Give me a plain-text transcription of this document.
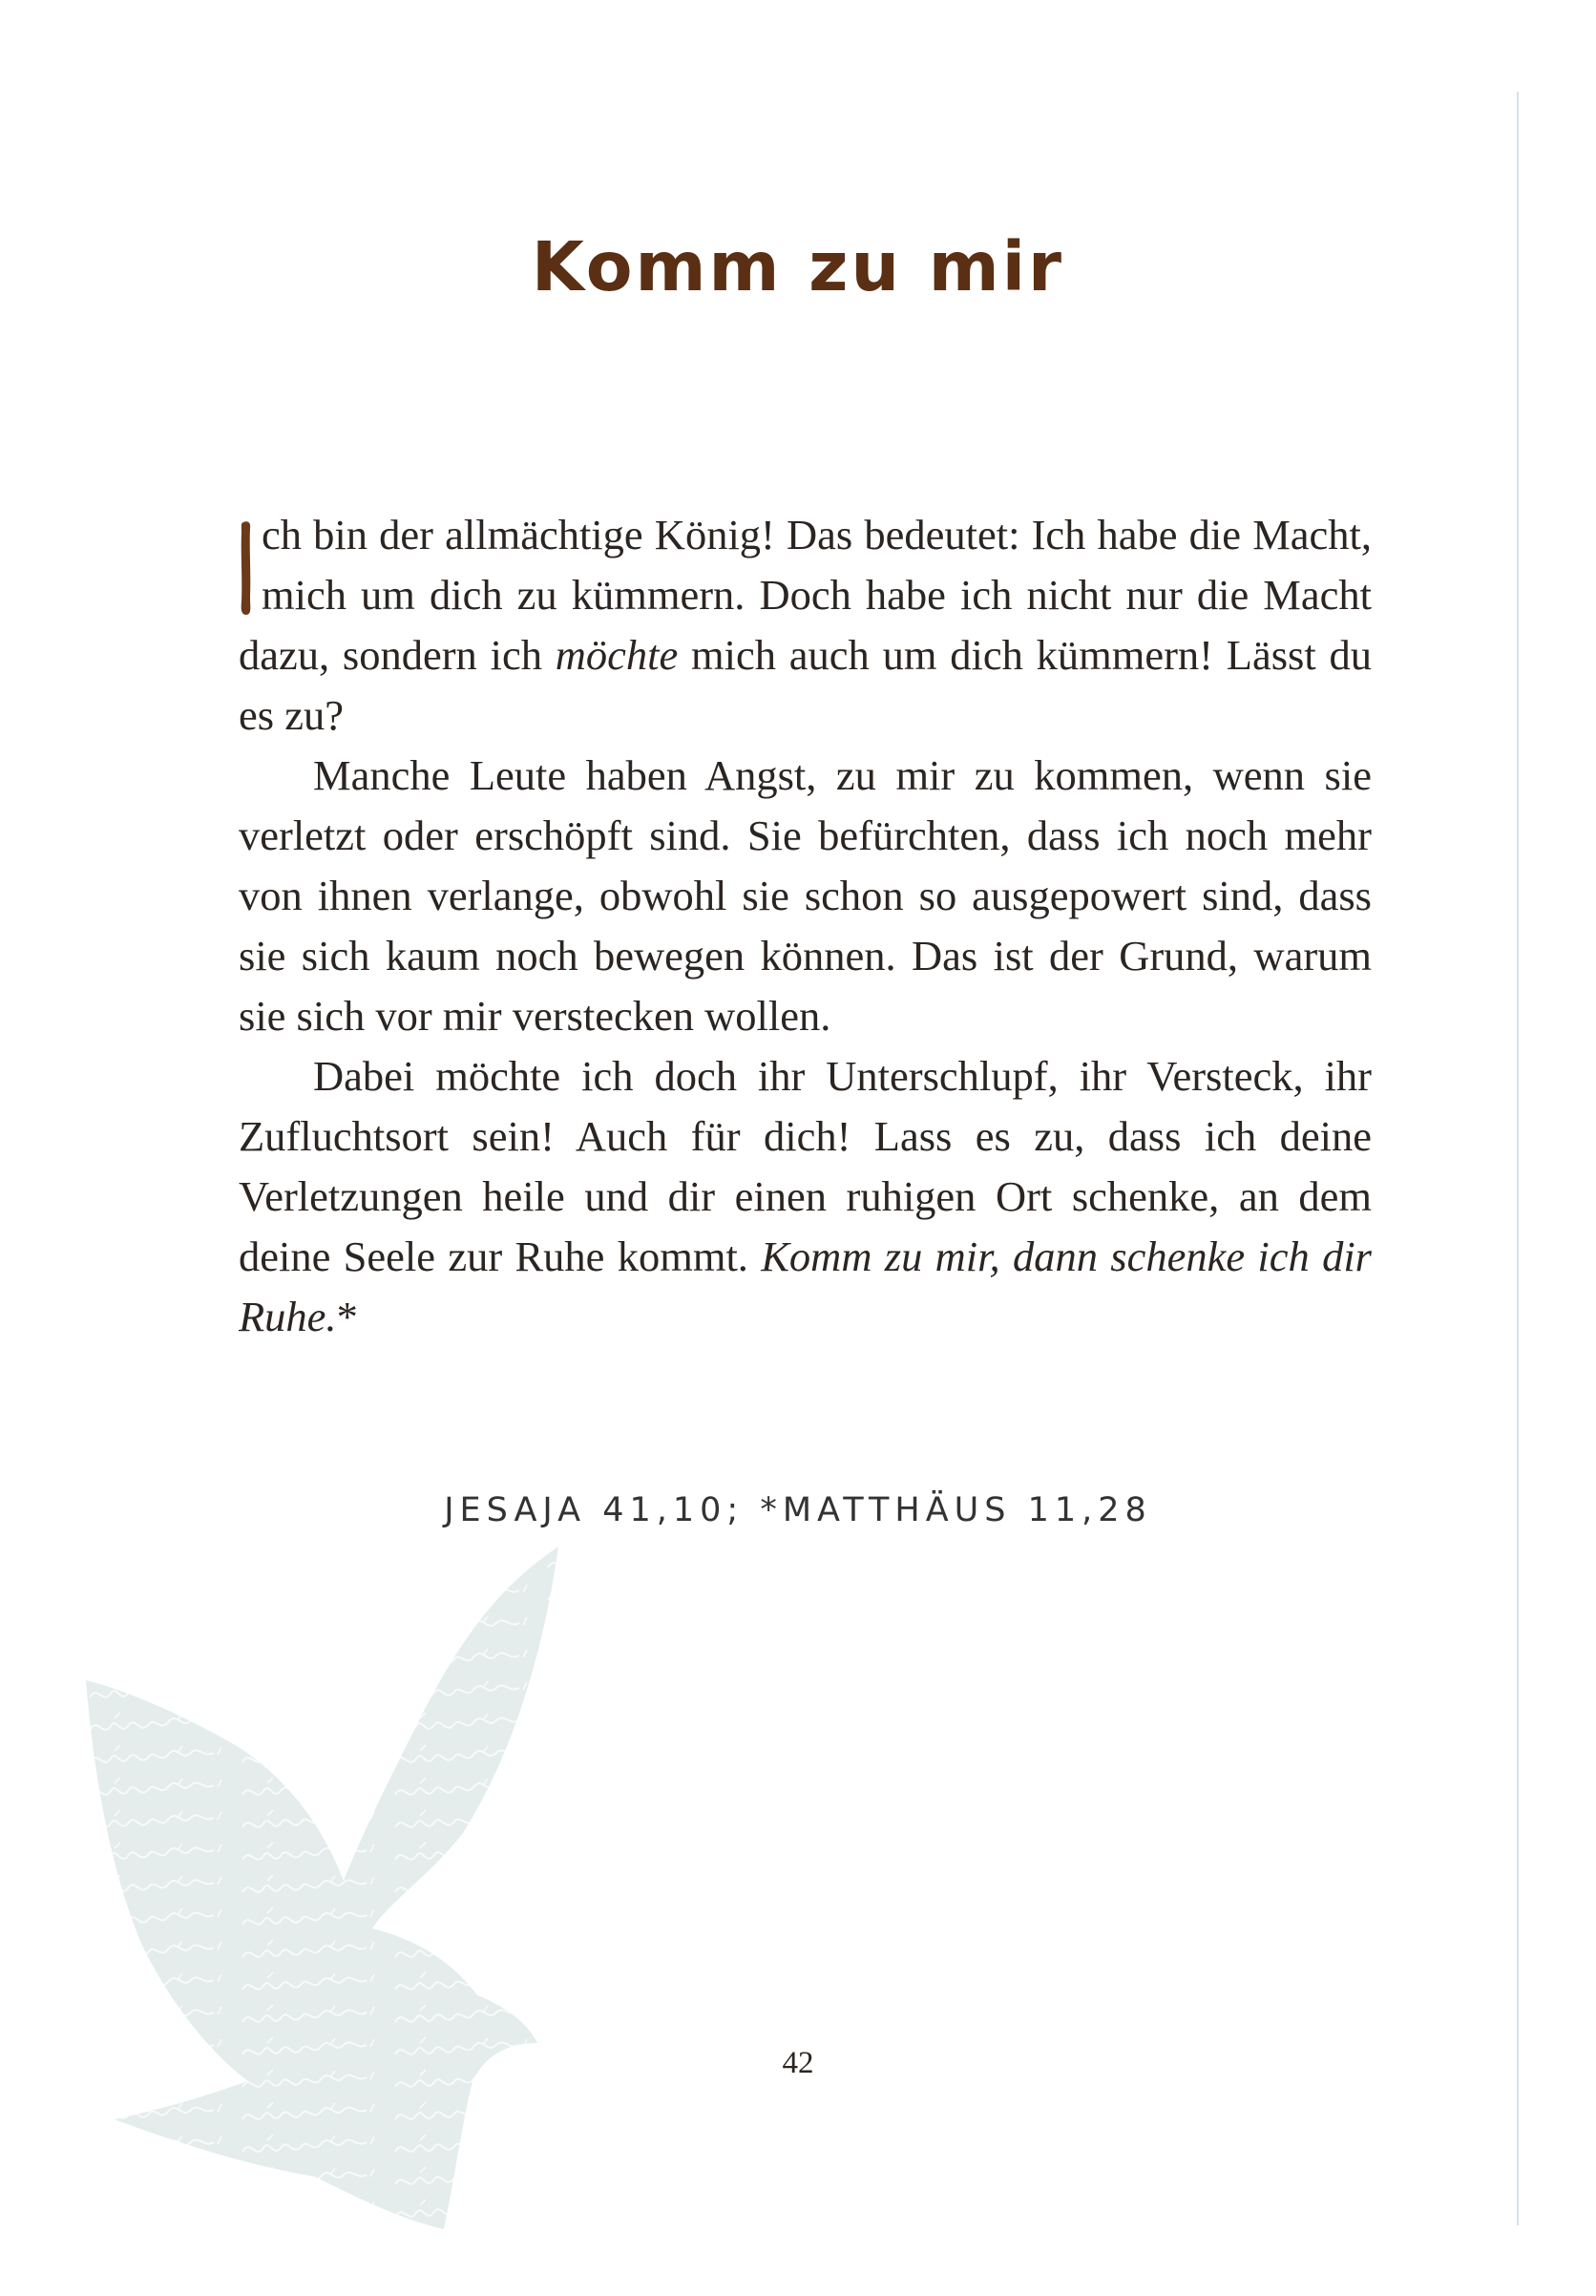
Komm zu mir

ch bin der allmächtige König! Das bedeutet: Ich habe die Macht, mich um dich zu kümmern. Doch habe ich nicht nur die Macht dazu, sondern ich möchte mich auch um dich kümmern! Lässt du es zu?

Manche Leute haben Angst, zu mir zu kommen, wenn sie verletzt oder erschöpft sind. Sie befürchten, dass ich noch mehr von ihnen verlange, obwohl sie schon so ausgepowert sind, dass sie sich kaum noch bewegen können. Das ist der Grund, warum sie sich vor mir verstecken wollen.

Dabei möchte ich doch ihr Unterschlupf, ihr Versteck, ihr Zufluchtsort sein! Auch für dich! Lass es zu, dass ich deine Verletzungen heile und dir einen ruhigen Ort schenke, an dem deine Seele zur Ruhe kommt. Komm zu mir, dann schenke ich dir Ruhe.*

JESAJA 41,10; *MATTHÄUS 11,28
42
